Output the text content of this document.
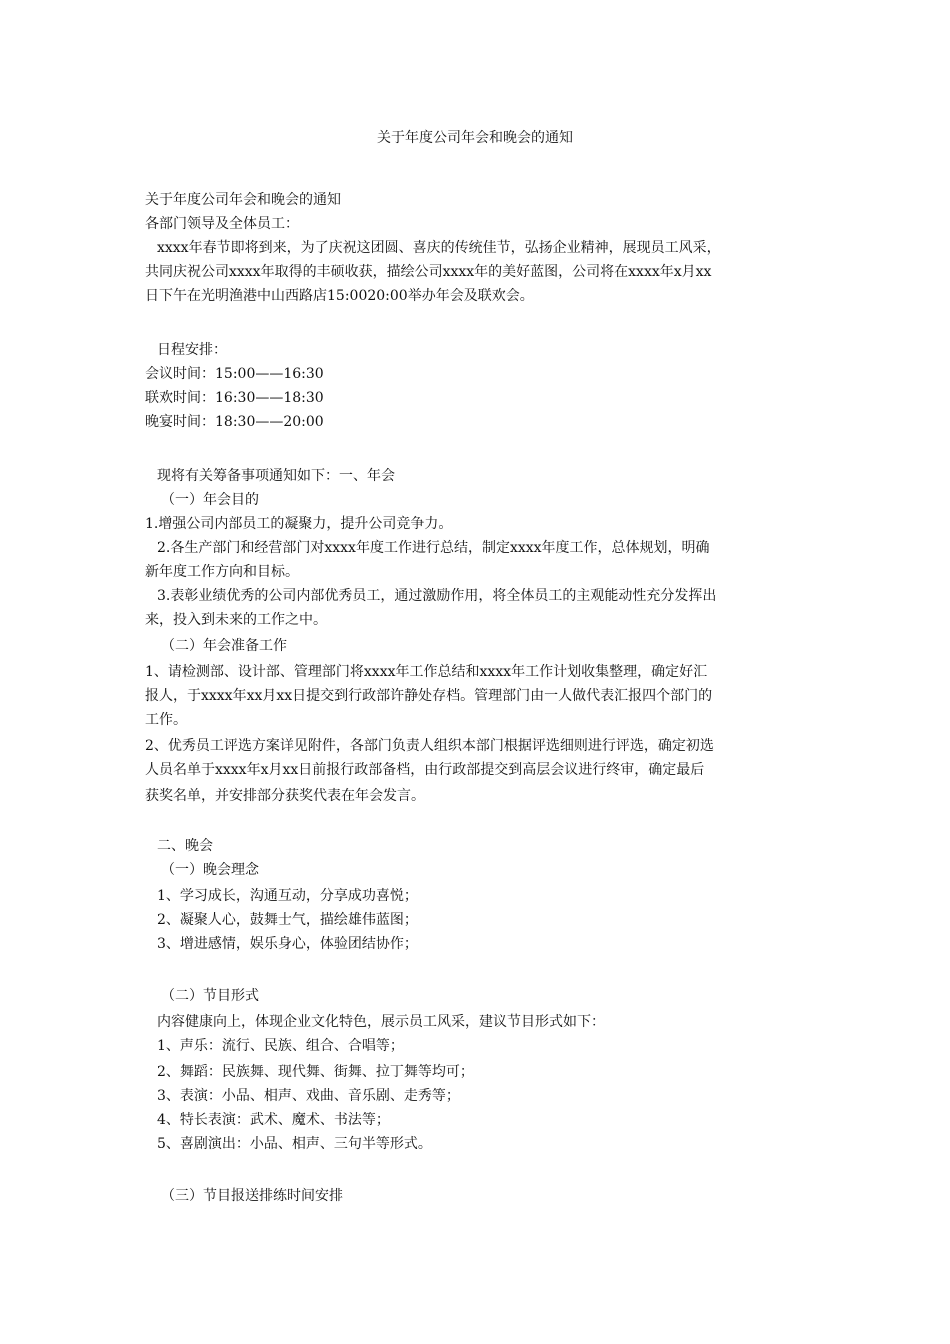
关于年度公司年会和晚会的通知
关于年度公司年会和晚会的通知
各部门领导及全体员工：
xxxx年春节即将到来，为了庆祝这团圆、喜庆的传统佳节，弘扬企业精神，展现员工风采，
共同庆祝公司xxxx年取得的丰硕收获，描绘公司xxxx年的美好蓝图，公司将在xxxx年x月xx
日下午在光明渔港中山西路店15:0020:00举办年会及联欢会。
日程安排：
会议时间：15:00——16:30
联欢时间：16:30——18:30
晚宴时间：18:30——20:00
现将有关筹备事项通知如下：一、年会
（一）年会目的
1.增强公司内部员工的凝聚力，提升公司竞争力。
2.各生产部门和经营部门对xxxx年度工作进行总结，制定xxxx年度工作，总体规划，明确
新年度工作方向和目标。
3.表彰业绩优秀的公司内部优秀员工，通过激励作用，将全体员工的主观能动性充分发挥出
来，投入到未来的工作之中。
（二）年会准备工作
1、请检测部、设计部、管理部门将xxxx年工作总结和xxxx年工作计划收集整理，确定好汇
报人，于xxxx年xx月xx日提交到行政部许静处存档。管理部门由一人做代表汇报四个部门的
工作。
2、优秀员工评选方案详见附件，各部门负责人组织本部门根据评选细则进行评选，确定初选
人员名单于xxxx年x月xx日前报行政部备档，由行政部提交到高层会议进行终审，确定最后
获奖名单，并安排部分获奖代表在年会发言。
二、晚会
（一）晚会理念
1、学习成长，沟通互动，分享成功喜悦；
2、凝聚人心，鼓舞士气，描绘雄伟蓝图；
3、增进感情，娱乐身心，体验团结协作；
（二）节目形式
内容健康向上，体现企业文化特色，展示员工风采，建议节目形式如下：
1、声乐：流行、民族、组合、合唱等；
2、舞蹈：民族舞、现代舞、街舞、拉丁舞等均可；
3、表演：小品、相声、戏曲、音乐剧、走秀等；
4、特长表演：武术、魔术、书法等；
5、喜剧演出：小品、相声、三句半等形式。
（三）节目报送排练时间安排
